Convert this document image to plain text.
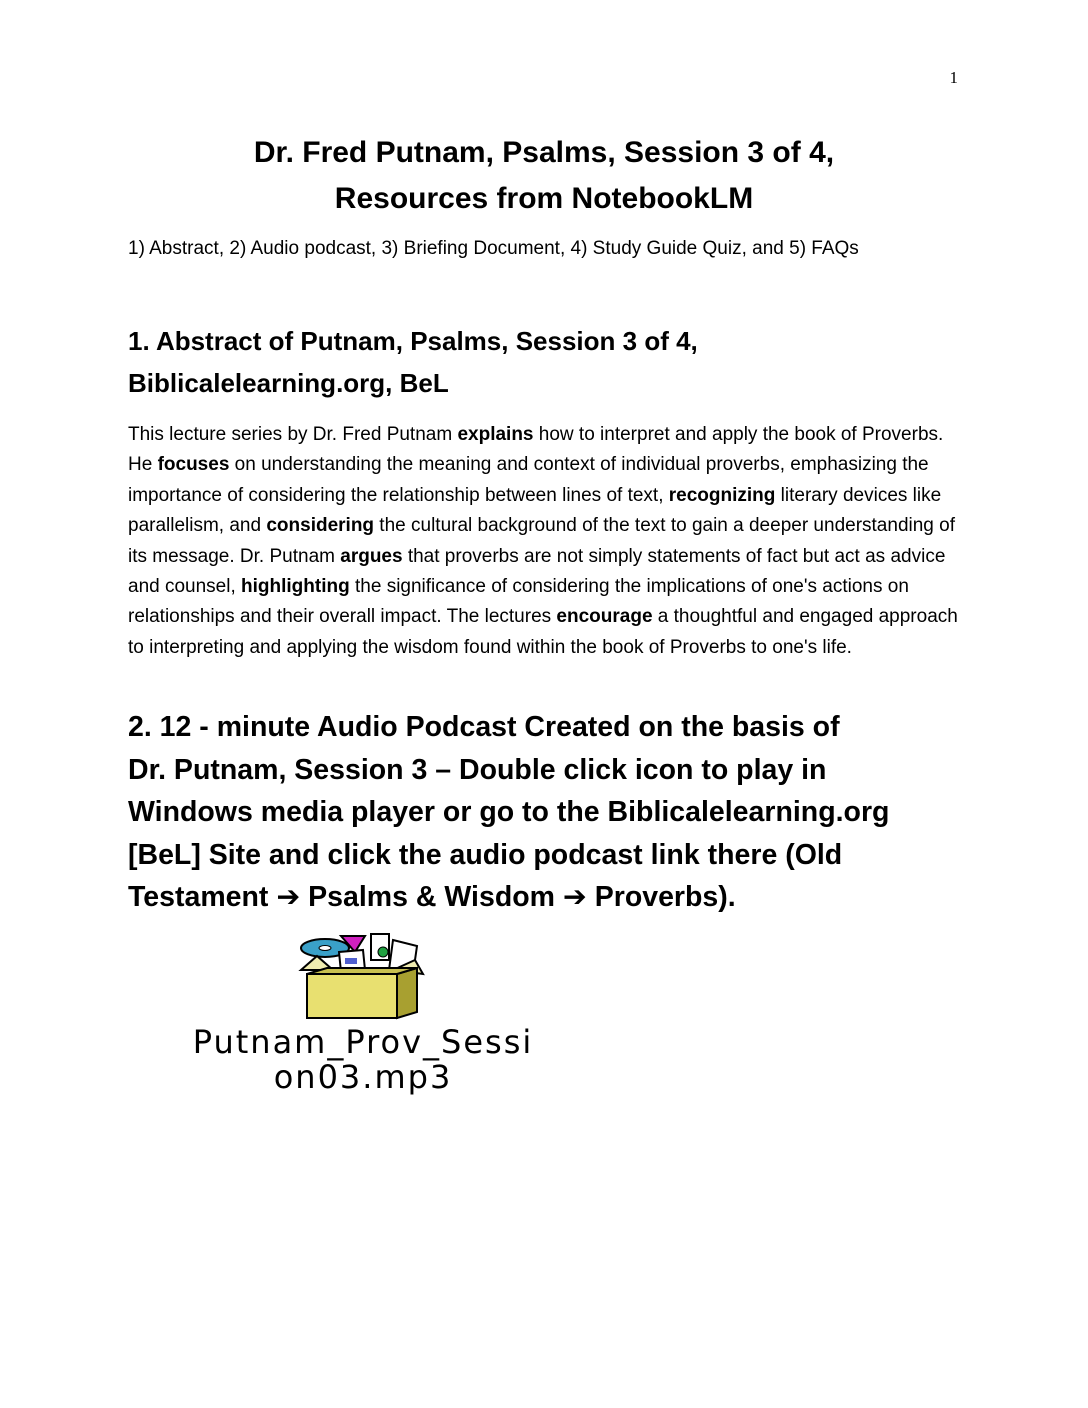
1
Dr. Fred Putnam, Psalms, Session 3 of 4,
Resources from NotebookLM
1) Abstract, 2) Audio podcast, 3) Briefing Document, 4) Study Guide Quiz, and 5) FAQs
1. Abstract of Putnam, Psalms, Session 3 of 4,
Biblicalelearning.org, BeL
This lecture series by Dr. Fred Putnam explains how to interpret and apply the book of Proverbs. He focuses on understanding the meaning and context of individual proverbs, emphasizing the importance of considering the relationship between lines of text, recognizing literary devices like parallelism, and considering the cultural background of the text to gain a deeper understanding of its message. Dr. Putnam argues that proverbs are not simply statements of fact but act as advice and counsel, highlighting the significance of considering the implications of one's actions on relationships and their overall impact. The lectures encourage a thoughtful and engaged approach to interpreting and applying the wisdom found within the book of Proverbs to one's life.
2. 12 - minute Audio Podcast Created on the basis of
Dr. Putnam, Session 3 – Double click icon to play in Windows media player or go to the Biblicalelearning.org [BeL] Site and click the audio podcast link there (Old Testament ➔ Psalms & Wisdom ➔ Proverbs).
Putnam_Prov_Sessi
on03.mp3
